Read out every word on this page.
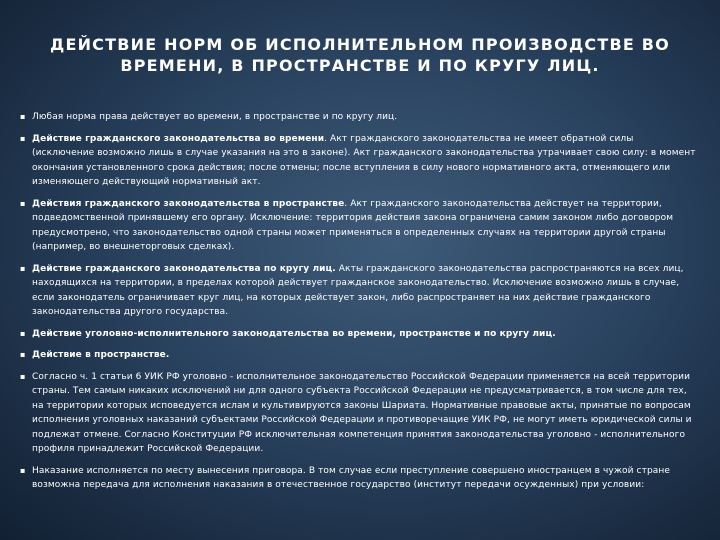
ДЕЙСТВИЕ НОРМ ОБ ИСПОЛНИТЕЛЬНОМ ПРОИЗВОДСТВЕ ВО ВРЕМЕНИ, В ПРОСТРАНСТВЕ И ПО КРУГУ ЛИЦ.
▪ Любая норма права действует во времени, в пространстве и по кругу лиц.
▪ Действие гражданского законодательства во времени. Акт гражданского законодательства не имеет обратной силы (исключение возможно лишь в случае указания на это в законе). Акт гражданского законодательства утрачивает свою силу: в момент окончания установленного срока действия; после отмены; после вступления в силу нового нормативного акта, отменяющего или изменяющего действующий нормативный акт.
▪ Действия гражданского законодательства в пространстве. Акт гражданского законодательства действует на территории, подведомственной принявшему его органу. Исключение: территория действия закона ограничена самим законом либо договором предусмотрено, что законодательство одной страны может применяться в определенных случаях на территории другой страны (например, во внешнеторговых сделках).
▪ Действие гражданского законодательства по кругу лиц. Акты гражданского законодательства распространяются на всех лиц, находящихся на территории, в пределах которой действует гражданское законодательство. Исключение возможно лишь в случае, если законодатель ограничивает круг лиц, на которых действует закон, либо распространяет на них действие гражданского законодательства другого государства.
▪ Действие уголовно-исполнительного законодательства во времени, пространстве и по кругу лиц.
▪ Действие в пространстве.
▪ Согласно ч. 1 статьи 6 УИК РФ уголовно - исполнительное законодательство Российской Федерации применяется на всей территории страны. Тем самым никаких исключений ни для одного субъекта Российской Федерации не предусматривается, в том числе для тех, на территории которых исповедуется ислам и культивируются законы Шариата. Нормативные правовые акты, принятые по вопросам исполнения уголовных наказаний субъектами Российской Федерации и противоречащие УИК РФ, не могут иметь юридической силы и подлежат отмене. Согласно Конституции РФ исключительная компетенция принятия законодательства уголовно - исполнительного профиля принадлежит Российской Федерации.
▪ Наказание исполняется по месту вынесения приговора. В том случае если преступление совершено иностранцем в чужой стране возможна передача для исполнения наказания в отечественное государство (институт передачи осужденных) при условии:
